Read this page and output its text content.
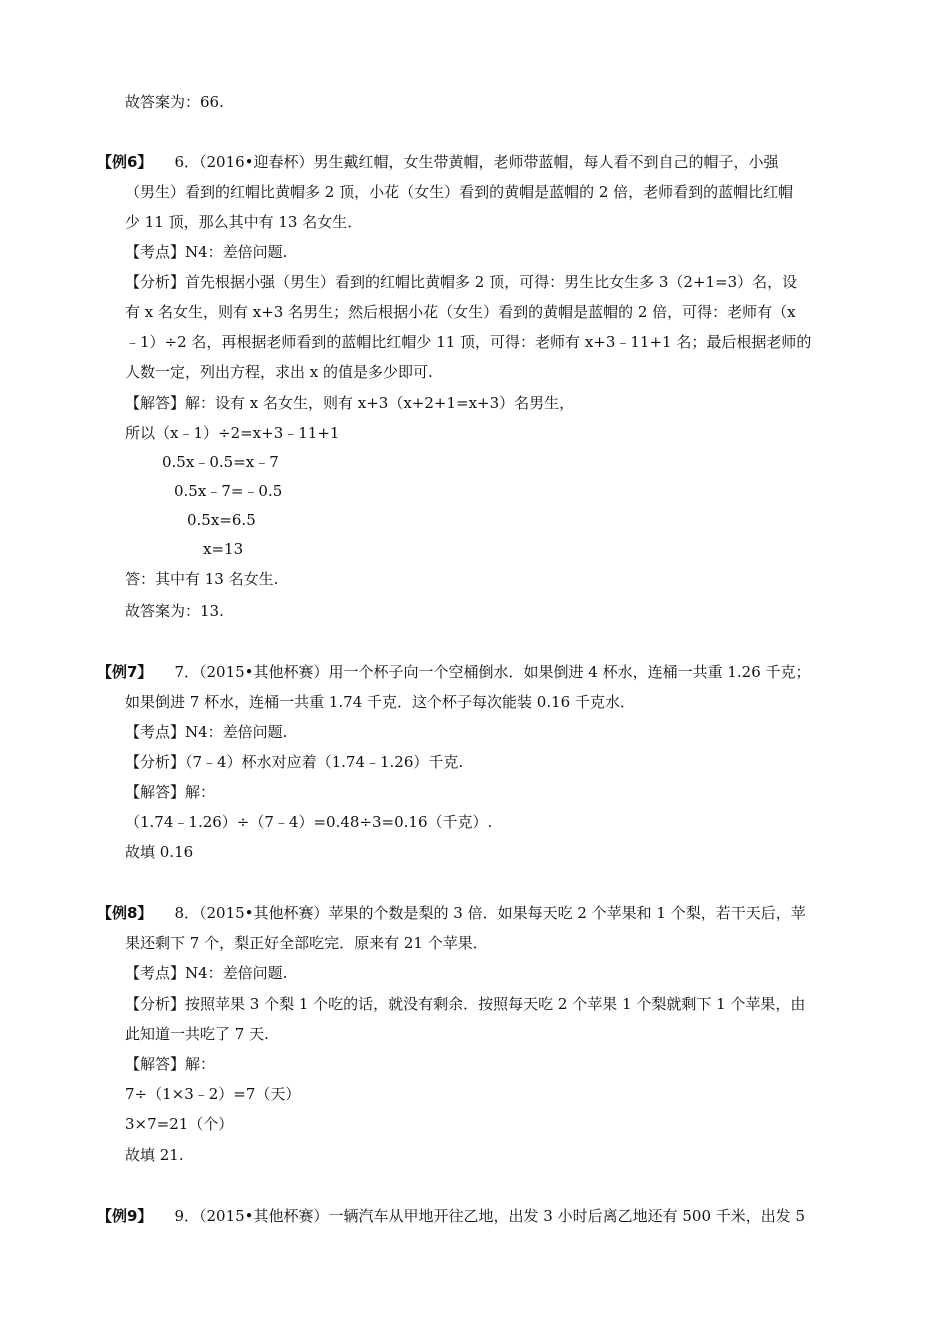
故答案为：66.
【例6】 6．（2016•迎春杯）男生戴红帽，女生带黄帽，老师带蓝帽，每人看不到自己的帽子，小强
（男生）看到的红帽比黄帽多 2 顶，小花（女生）看到的黄帽是蓝帽的 2 倍，老师看到的蓝帽比红帽
少 11 顶，那么其中有 13 名女生．
【考点】N4：差倍问题.
【分析】首先根据小强（男生）看到的红帽比黄帽多 2 顶，可得：男生比女生多 3（2+1=3）名，设
有 x 名女生，则有 x+3 名男生；然后根据小花（女生）看到的黄帽是蓝帽的 2 倍，可得：老师有（x
﹣1）÷2 名，再根据老师看到的蓝帽比红帽少 11 顶，可得：老师有 x+3﹣11+1 名；最后根据老师的
人数一定，列出方程，求出 x 的值是多少即可.
【解答】解：设有 x 名女生，则有 x+3（x+2+1=x+3）名男生，
所以（x﹣1）÷2=x+3﹣11+1
0.5x﹣0.5=x﹣7
0.5x﹣7=﹣0.5
0.5x=6.5
x=13
答：其中有 13 名女生.
故答案为：13.
【例7】 7．（2015•其他杯赛）用一个杯子向一个空桶倒水．如果倒进 4 杯水，连桶一共重 1.26 千克；
如果倒进 7 杯水，连桶一共重 1.74 千克．这个杯子每次能装 0.16 千克水．
【考点】N4：差倍问题.
【分析】（7﹣4）杯水对应着（1.74﹣1.26）千克.
【解答】解：
（1.74﹣1.26）÷（7﹣4）=0.48÷3=0.16（千克）.
故填 0.16
【例8】 8．（2015•其他杯赛）苹果的个数是梨的 3 倍．如果每天吃 2 个苹果和 1 个梨，若干天后，苹
果还剩下 7 个，梨正好全部吃完．原来有 21 个苹果．
【考点】N4：差倍问题.
【分析】按照苹果 3 个梨 1 个吃的话，就没有剩余．按照每天吃 2 个苹果 1 个梨就剩下 1 个苹果，由
此知道一共吃了 7 天.
【解答】解：
7÷（1×3﹣2）=7（天）
3×7=21（个）
故填 21.
【例9】 9．（2015•其他杯赛）一辆汽车从甲地开往乙地，出发 3 小时后离乙地还有 500 千米，出发 5
